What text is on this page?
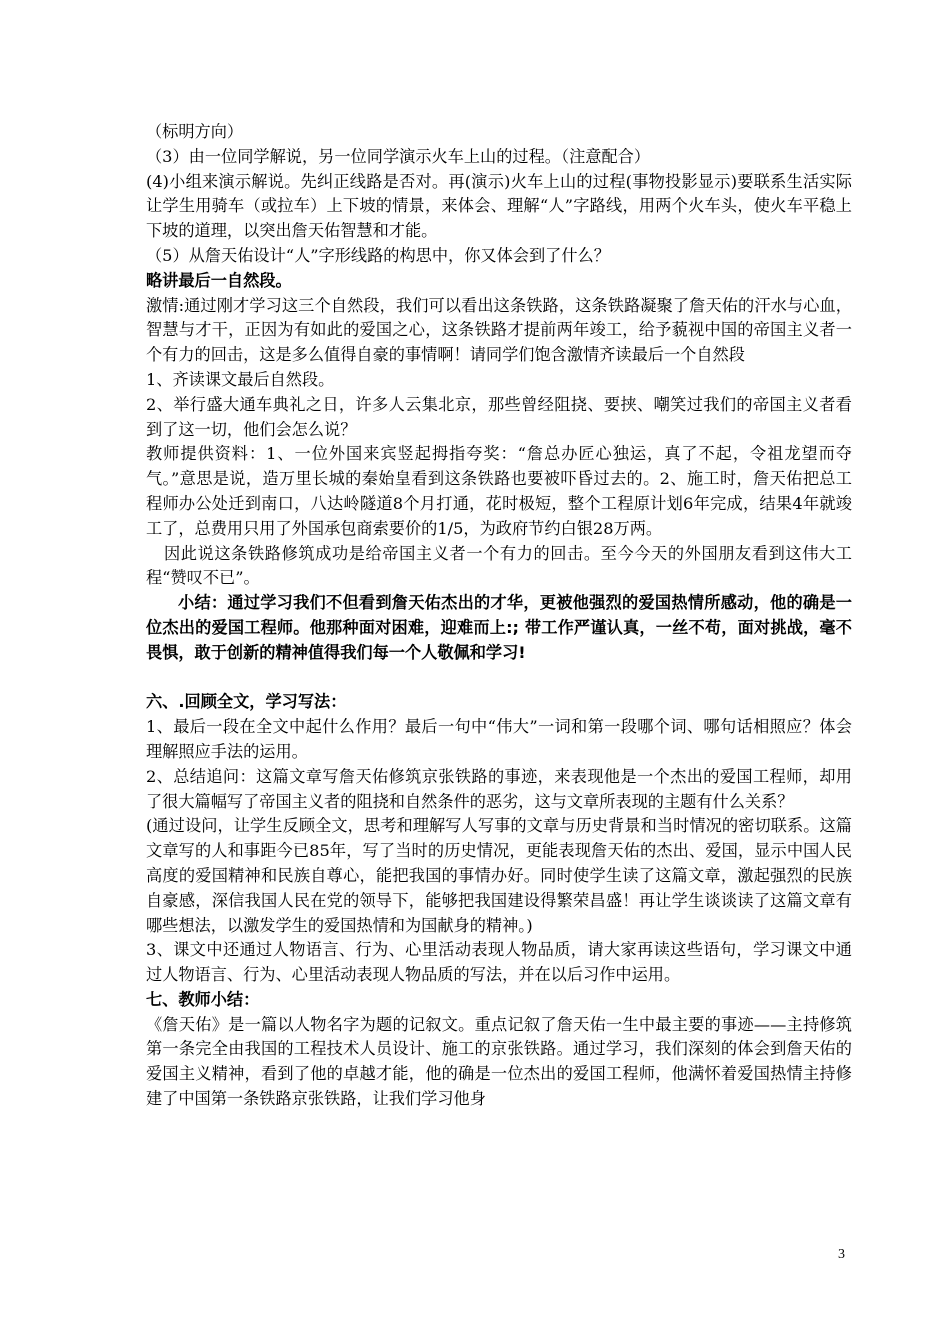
（标明方向）

（3）由一位同学解说，另一位同学演示火车上山的过程。（注意配合）

(4)小组来演示解说。先纠正线路是否对。再(演示)火车上山的过程(事物投影显示)要联系生活实际让学生用骑车（或拉车）上下坡的情景，来体会、理解“人”字路线，用两个火车头，使火车平稳上下坡的道理，以突出詹天佑智慧和才能。

（5）从詹天佑设计“人”字形线路的构思中，你又体会到了什么？

略讲最后一自然段。

激情:通过刚才学习这三个自然段，我们可以看出这条铁路，这条铁路凝聚了詹天佑的汗水与心血，智慧与才干，正因为有如此的爱国之心，这条铁路才提前两年竣工，给予藐视中国的帝国主义者一个有力的回击，这是多么值得自豪的事情啊！请同学们饱含激情齐读最后一个自然段

1、齐读课文最后自然段。

2、举行盛大通车典礼之日，许多人云集北京，那些曾经阻挠、要挟、嘲笑过我们的帝国主义者看到了这一切，他们会怎么说？

教师提供资料：1、一位外国来宾竖起拇指夸奖：“詹总办匠心独运，真了不起，令祖龙望而夺气。”意思是说，造万里长城的秦始皇看到这条铁路也要被吓昏过去的。2、施工时，詹天佑把总工程师办公处迁到南口，八达岭隧道8个月打通，花时极短，整个工程原计划6年完成，结果4年就竣工了，总费用只用了外国承包商索要价的1/5，为政府节约白银28万两。

因此说这条铁路修筑成功是给帝国主义者一个有力的回击。至今今天的外国朋友看到这伟大工程“赞叹不已”。

小结：通过学习我们不但看到詹天佑杰出的才华，更被他强烈的爱国热情所感动，他的确是一位杰出的爱国工程师。他那种面对困难，迎难而上:; 带工作严谨认真，一丝不苟，面对挑战，毫不畏惧，敢于创新的精神值得我们每一个人敬佩和学习!

六、.回顾全文，学习写法：

1、最后一段在全文中起什么作用？最后一句中“伟大”一词和第一段哪个词、哪句话相照应？体会理解照应手法的运用。

2、总结追问：这篇文章写詹天佑修筑京张铁路的事迹，来表现他是一个杰出的爱国工程师，却用了很大篇幅写了帝国主义者的阻挠和自然条件的恶劣，这与文章所表现的主题有什么关系？

(通过设问，让学生反顾全文，思考和理解写人写事的文章与历史背景和当时情况的密切联系。这篇文章写的人和事距今已85年，写了当时的历史情况，更能表现詹天佑的杰出、爱国，显示中国人民高度的爱国精神和民族自尊心，能把我国的事情办好。同时使学生读了这篇文章，激起强烈的民族自豪感，深信我国人民在党的领导下，能够把我国建设得繁荣昌盛！再让学生谈谈读了这篇文章有哪些想法，以激发学生的爱国热情和为国献身的精神。)

3、课文中还通过人物语言、行为、心里活动表现人物品质，请大家再读这些语句，学习课文中通过人物语言、行为、心里活动表现人物品质的写法，并在以后习作中运用。

七、教师小结：

《詹天佑》是一篇以人物名字为题的记叙文。重点记叙了詹天佑一生中最主要的事迹——主持修筑第一条完全由我国的工程技术人员设计、施工的京张铁路。通过学习，我们深刻的体会到詹天佑的爱国主义精神，看到了他的卓越才能，他的确是一位杰出的爱国工程师，他满怀着爱国热情主持修建了中国第一条铁路京张铁路，让我们学习他身

3
